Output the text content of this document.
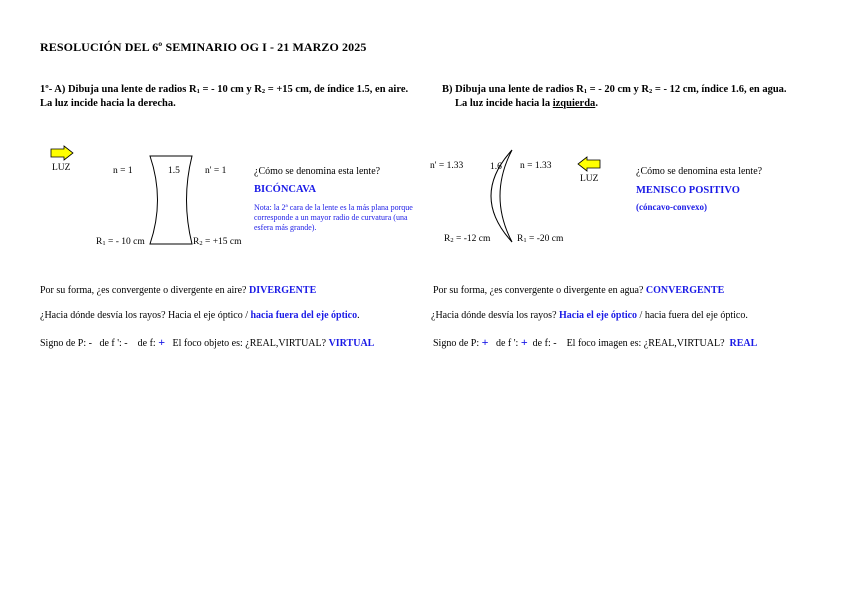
RESOLUCIÓN DEL 6º SEMINARIO OG I - 21 MARZO 2025
1º- A) Dibuja una lente de radios $R_1$ = - 10 cm y $R_2 = +15$ cm, de índice 1.5, en aire.
La luz incide hacia la derecha.
B) Dibuja una lente de radios $R_1$ = - 20 cm y $R_2$ = - 12 cm, índice 1.6, en agua.
La luz incide hacia la izquierda.
LUZ	n = 1	1.5	n' = 1
$R_1$ = - 10 cm	$R_2 = +15$ cm
¿Cómo se denomina esta lente?
BICÓNCAVA
Nota: la 2ª cara de la lente es la más plana porque corresponde a un mayor radio de curvatura (una esfera más grande).
LUZ
n' = 1.33	1.6 n = 1.33
$R_2 = -12$ cm	$R_1 = -20$ cm
¿Cómo se denomina esta lente?
MENISCO POSITIVO
(cóncavo-convexo)
Por su forma, ¿es convergente o divergente en aire? DIVERGENTE
¿Hacia dónde desvía los rayos? Hacia el eje óptico / hacia fuera del eje óptico.
Signo de P: - de f ': - de f: + El foco objeto es: ¿REAL,VIRTUAL? VIRTUAL
Por su forma, ¿es convergente o divergente en agua? CONVERGENTE
¿Hacia dónde desvía los rayos? Hacia el eje óptico / hacia fuera del eje óptico.
Signo de P: + de f ': + de f: - El foco imagen es: ¿REAL,VIRTUAL? REAL
